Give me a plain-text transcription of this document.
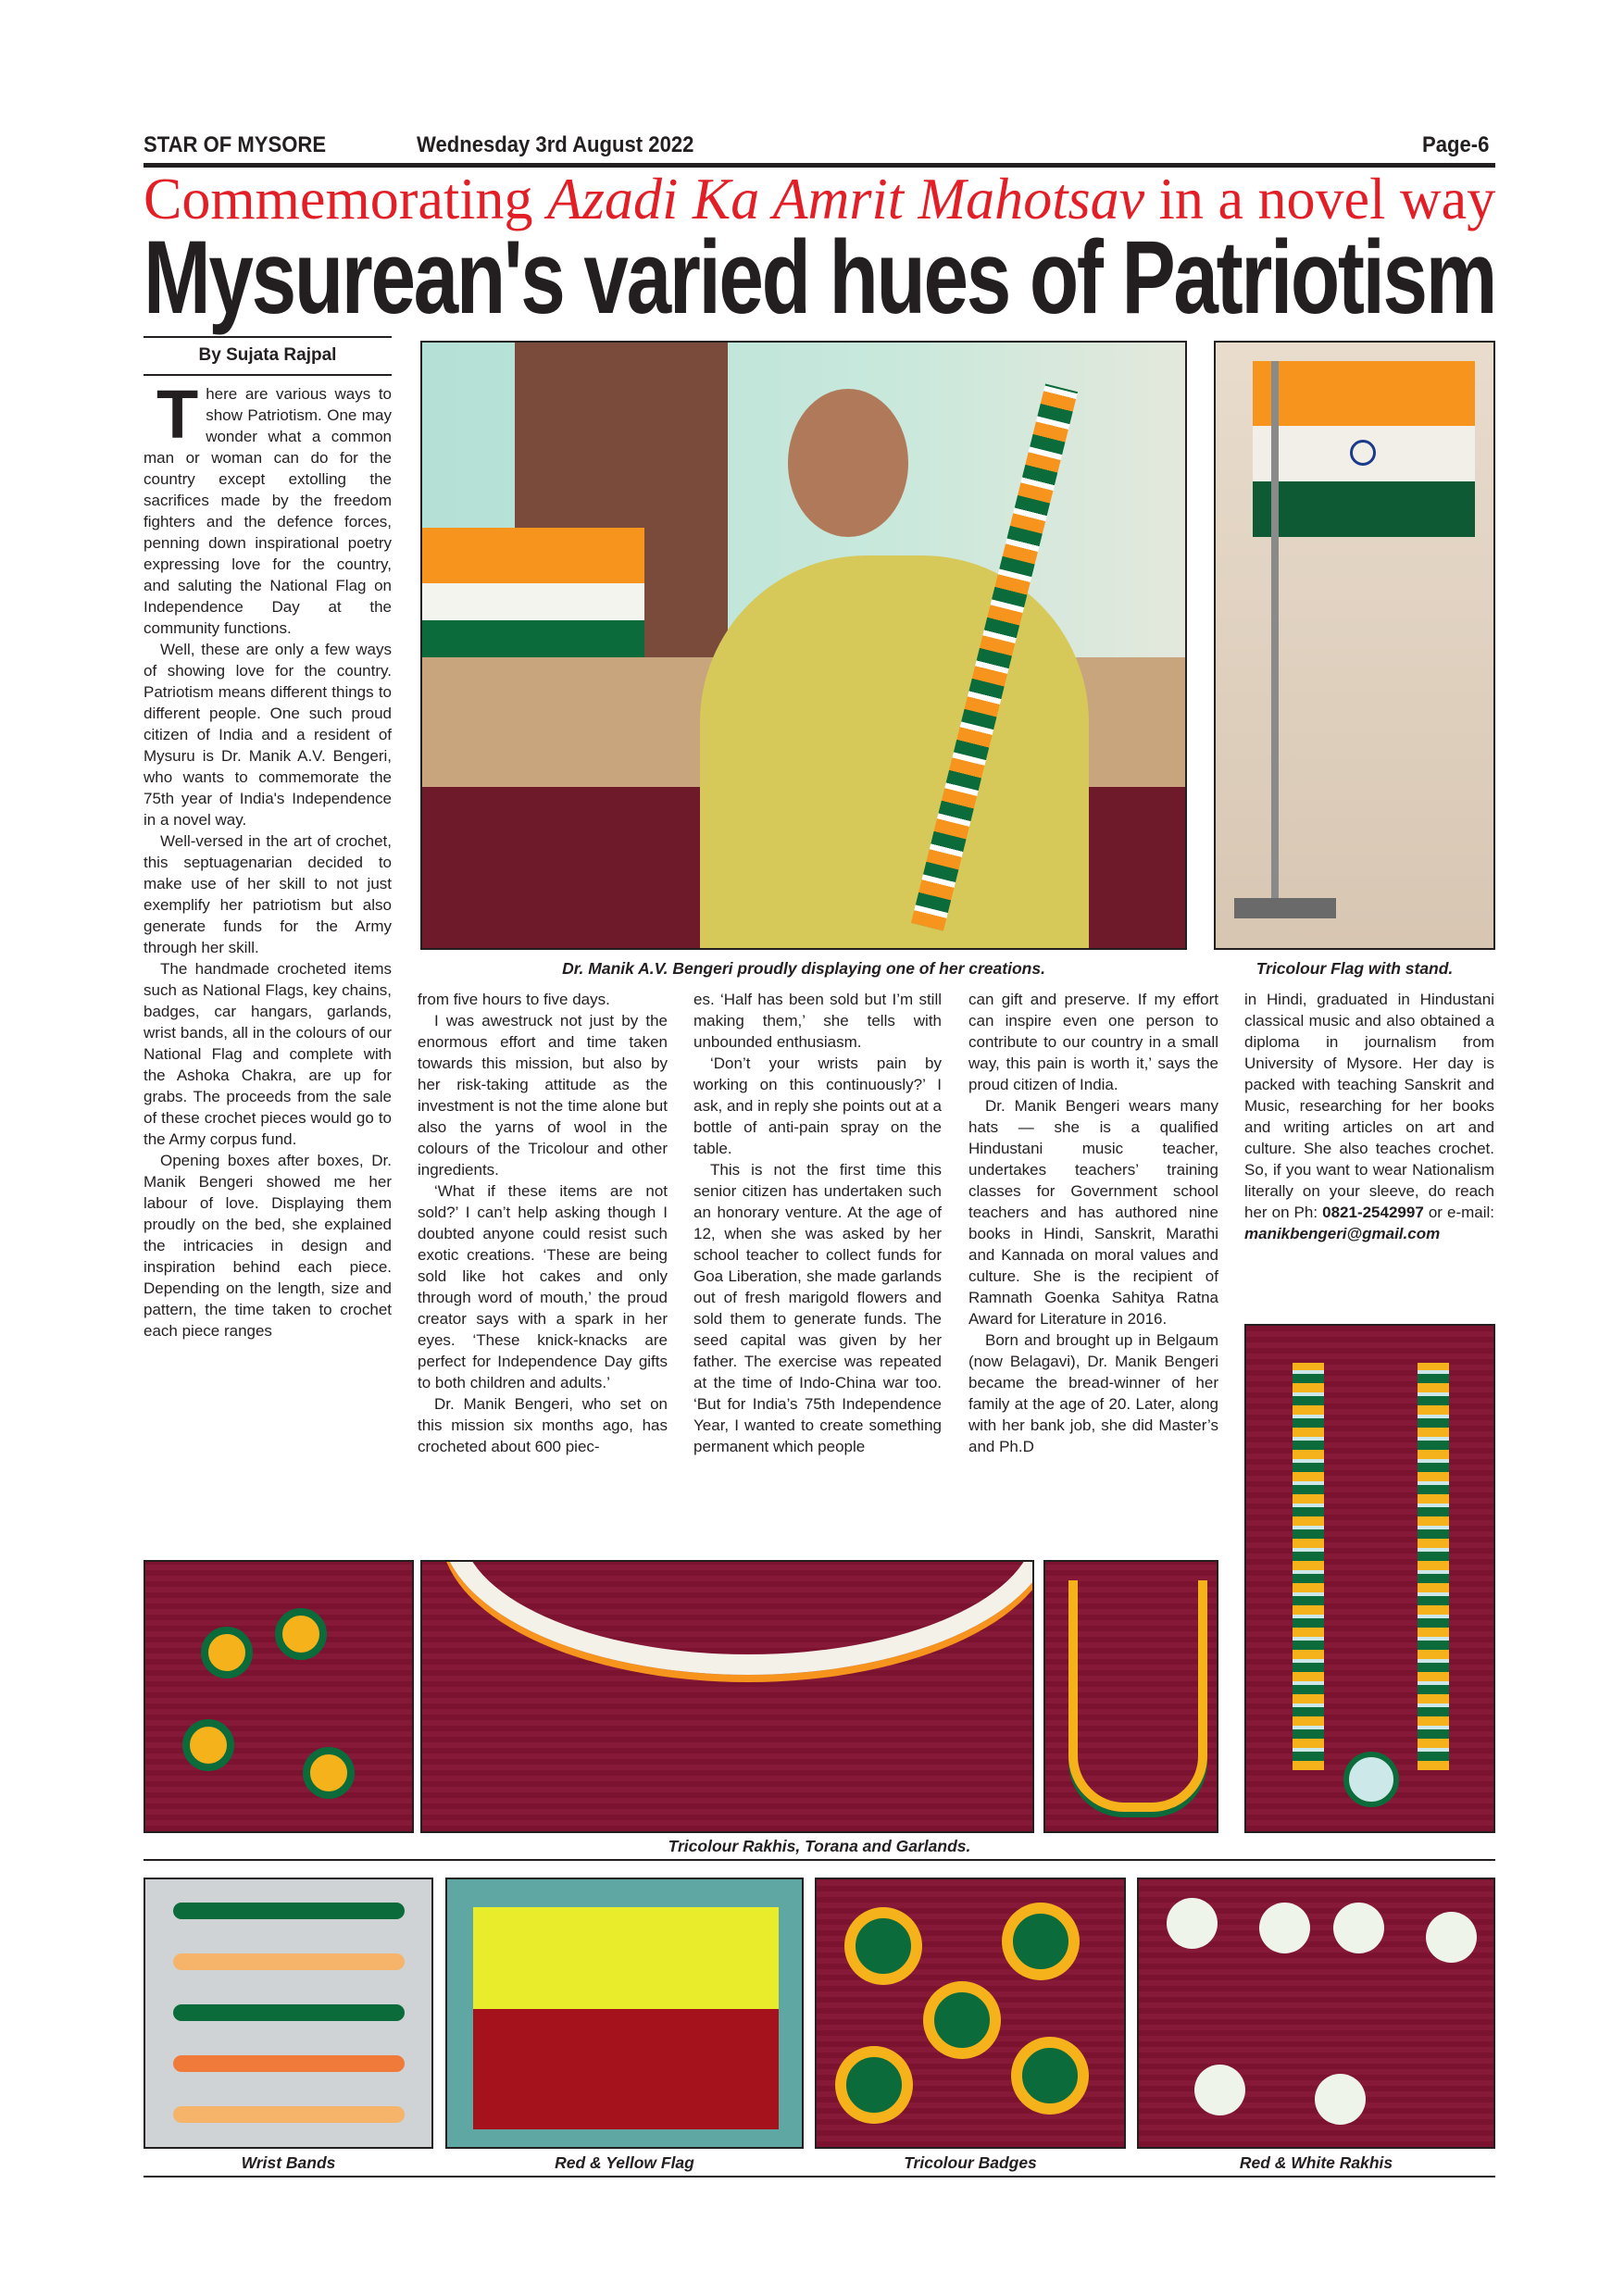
STAR OF MYSORE	Wednesday 3rd August 2022	Page-6
Commemorating Azadi Ka Amrit Mahotsav in a novel way
Mysurean's varied hues of Patriotism
By Sujata Rajpal

There are various ways to show Patriotism. One may wonder what a common man or woman can do for the country except extolling the sacrifices made by the freedom fighters and the defence forces, penning down inspirational poetry expressing love for the country, and saluting the National Flag on Independence Day at the community functions.

Well, these are only a few ways of showing love for the country. Patriotism means different things to different people. One such proud citizen of India and a resident of Mysuru is Dr. Manik A.V. Bengeri, who wants to commemorate the 75th year of India's Independence in a novel way.

Well-versed in the art of crochet, this septuagenarian decided to make use of her skill to not just exemplify her patriotism but also generate funds for the Army through her skill.

The handmade crocheted items such as National Flags, key chains, badges, car hangars, garlands, wrist bands, all in the colours of our National Flag and complete with the Ashoka Chakra, are up for grabs. The proceeds from the sale of these crochet pieces would go to the Army corpus fund.

Opening boxes after boxes, Dr. Manik Bengeri showed me her labour of love. Displaying them proudly on the bed, she explained the intricacies in design and inspiration behind each piece. Depending on the length, size and pattern, the time taken to crochet each piece ranges

Dr. Manik A.V. Bengeri proudly displaying one of her creations.	Tricolour Flag with stand.

from five hours to five days.

I was awestruck not just by the enormous effort and time taken towards this mission, but also by her risk-taking attitude as the investment is not the time alone but also the yarns of wool in the colours of the Tricolour and other ingredients.

‘What if these items are not sold?’ I can’t help asking though I doubted anyone could resist such exotic creations. ‘These are being sold like hot cakes and only through word of mouth,’ the proud creator says with a spark in her eyes. ‘These knick-knacks are perfect for Independence Day gifts to both children and adults.’

Dr. Manik Bengeri, who set on this mission six months ago, has crocheted about 600 piec-

es. ‘Half has been sold but I’m still making them,’ she tells with unbounded enthusiasm.

‘Don’t your wrists pain by working on this continuously?’ I ask, and in reply she points out at a bottle of anti-pain spray on the table.

This is not the first time this senior citizen has undertaken such an honorary venture. At the age of 12, when she was asked by her school teacher to collect funds for Goa Liberation, she made garlands out of fresh marigold flowers and sold them to generate funds. The seed capital was given by her father. The exercise was repeated at the time of Indo-China war too. ‘But for India’s 75th Independence Year, I wanted to create something permanent which people

can gift and preserve. If my effort can inspire even one person to contribute to our country in a small way, this pain is worth it,’ says the proud citizen of India.

Dr. Manik Bengeri wears many hats — she is a qualified Hindustani music teacher, undertakes teachers’ training classes for Government school teachers and has authored nine books in Hindi, Sanskrit, Marathi and Kannada on moral values and culture. She is the recipient of Ramnath Goenka Sahitya Ratna Award for Literature in 2016.

Born and brought up in Belgaum (now Belagavi), Dr. Manik Bengeri became the bread-winner of her family at the age of 20. Later, along with her bank job, she did Master’s and Ph.D

in Hindi, graduated in Hindustani classical music and also obtained a diploma in journalism from University of Mysore. Her day is packed with teaching Sanskrit and Music, researching for her books and writing articles on art and culture. She also teaches crochet. So, if you want to wear Nationalism literally on your sleeve, do reach her on Ph: 0821-2542997 or e-mail: manikbengeri@gmail.com

Tricolour Rakhis, Torana and Garlands.
Wrist Bands	Red & Yellow Flag	Tricolour Badges	Red & White Rakhis
